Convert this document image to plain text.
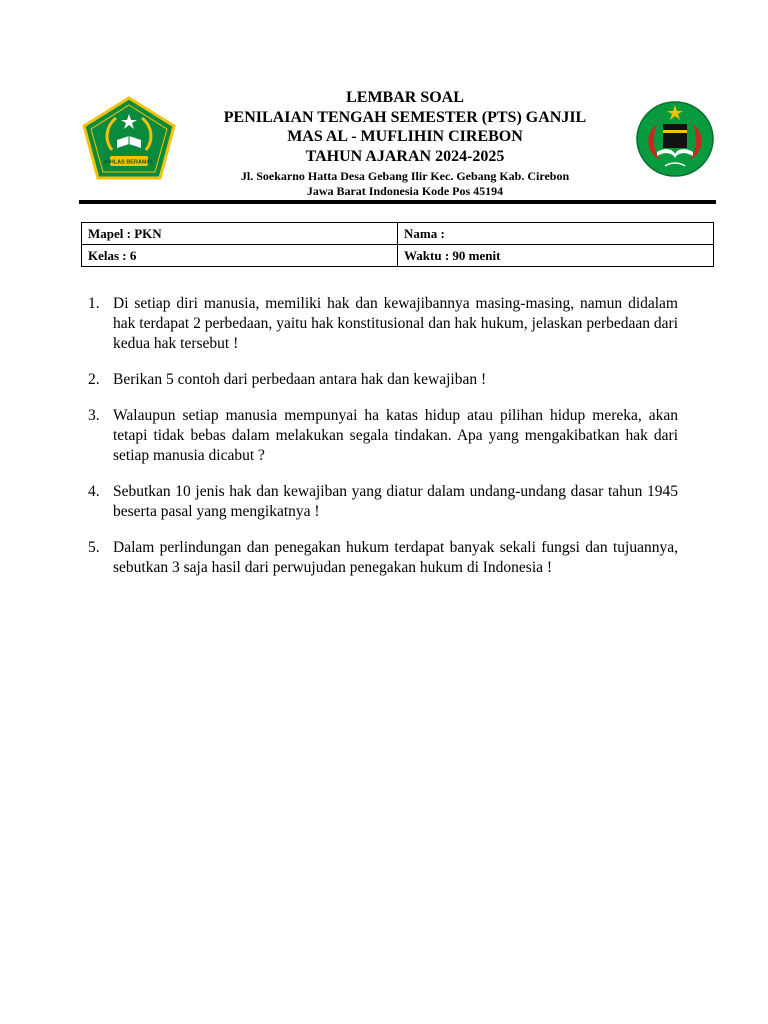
IKHLAS BERAMAL
LEMBAR SOAL
PENILAIAN TENGAH SEMESTER (PTS) GANJIL
MAS AL - MUFLIHIN CIREBON
TAHUN AJARAN 2024-2025
Jl. Soekarno Hatta Desa Gebang Ilir Kec. Gebang Kab. Cirebon
Jawa Barat Indonesia Kode Pos 45194
Mapel : PKN	Nama :
Kelas : 6	Waktu : 90 menit
1. Di setiap diri manusia, memiliki hak dan kewajibannya masing-masing, namun didalam hak terdapat 2 perbedaan, yaitu hak konstitusional dan hak hukum, jelaskan perbedaan dari kedua hak tersebut !
2. Berikan 5 contoh dari perbedaan antara hak dan kewajiban !
3. Walaupun setiap manusia mempunyai ha katas hidup atau pilihan hidup mereka, akan tetapi tidak bebas dalam melakukan segala tindakan. Apa yang mengakibatkan hak dari setiap manusia dicabut ?
4. Sebutkan 10 jenis hak dan kewajiban yang diatur dalam undang-undang dasar tahun 1945 beserta pasal yang mengikatnya !
5. Dalam perlindungan dan penegakan hukum terdapat banyak sekali fungsi dan tujuannya, sebutkan 3 saja hasil dari perwujudan penegakan hukum di Indonesia !
